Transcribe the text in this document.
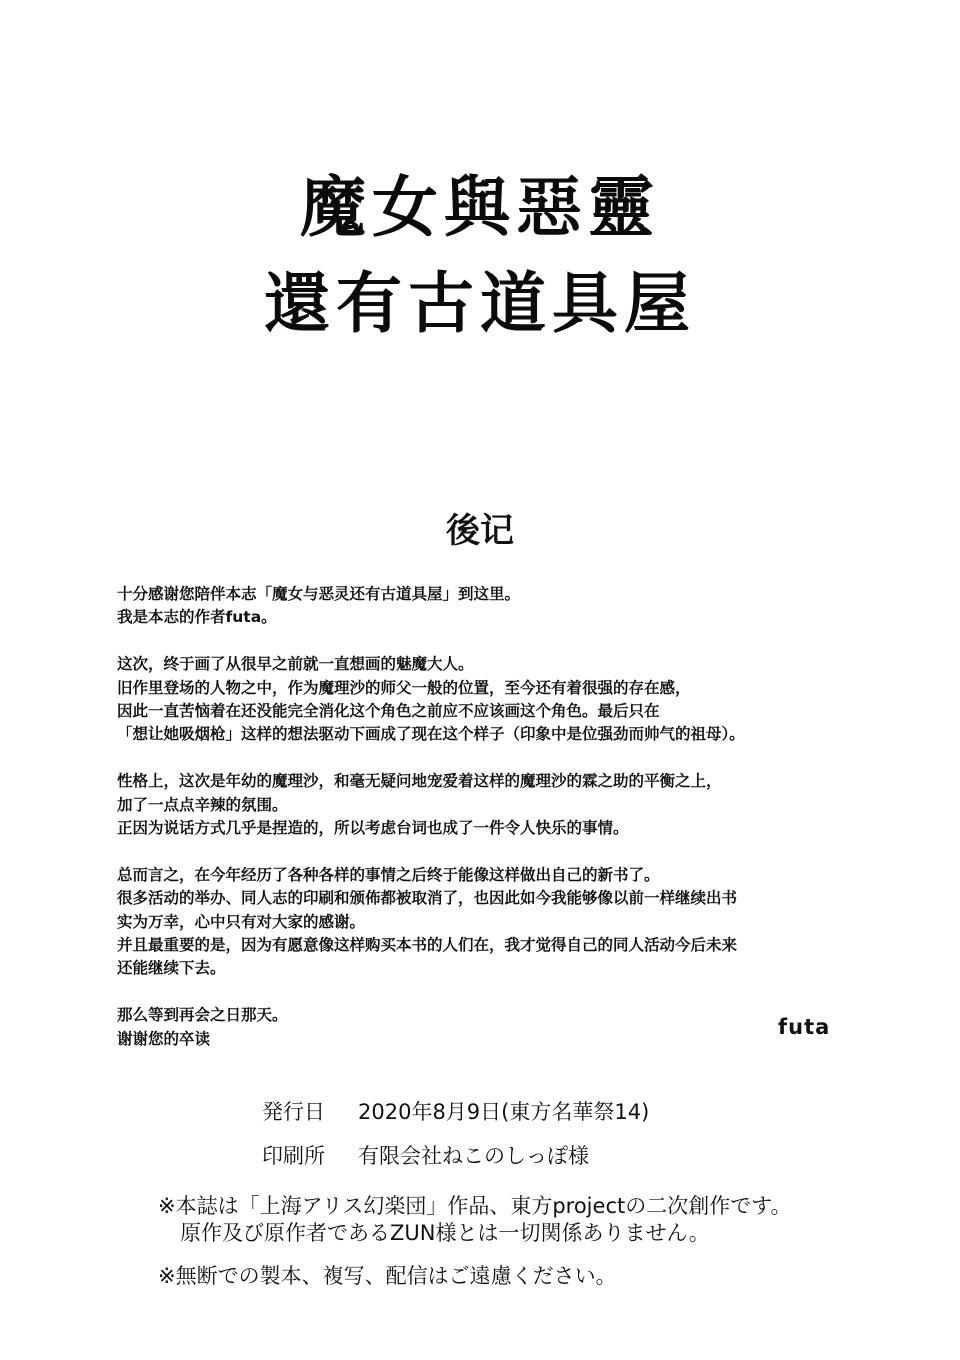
魔女與惡靈
還有古道具屋
後记
十分感谢您陪伴本志「魔女与恶灵还有古道具屋」到这里。
我是本志的作者futa。
这次，终于画了从很早之前就一直想画的魅魔大人。
旧作里登场的人物之中，作为魔理沙的师父一般的位置，至今还有着很强的存在感，
因此一直苦恼着在还没能完全消化这个角色之前应不应该画这个角色。最后只在
「想让她吸烟枪」这样的想法驱动下画成了现在这个样子（印象中是位强劲而帅气的祖母）。
性格上，这次是年幼的魔理沙，和毫无疑问地宠爱着这样的魔理沙的霖之助的平衡之上，
加了一点点辛辣的氛围。
正因为说话方式几乎是捏造的，所以考虑台词也成了一件令人快乐的事情。
总而言之，在今年经历了各种各样的事情之后终于能像这样做出自己的新书了。
很多活动的举办、同人志的印刷和颁佈都被取消了，也因此如今我能够像以前一样继续出书
实为万幸，心中只有对大家的感谢。
并且最重要的是，因为有愿意像这样购买本书的人们在，我才觉得自己的同人活动今后未来
还能继续下去。
那么等到再会之日那天。
谢谢您的卒读	futa
発行日 2020年8月9日(東方名華祭14)
印刷所 有限会社ねこのしっぽ様
※本誌は「上海アリス幻楽団」作品、東方projectの二次創作です。
原作及び原作者であるZUN様とは一切関係ありません。
※無断での製本、複写、配信はご遠慮ください。
